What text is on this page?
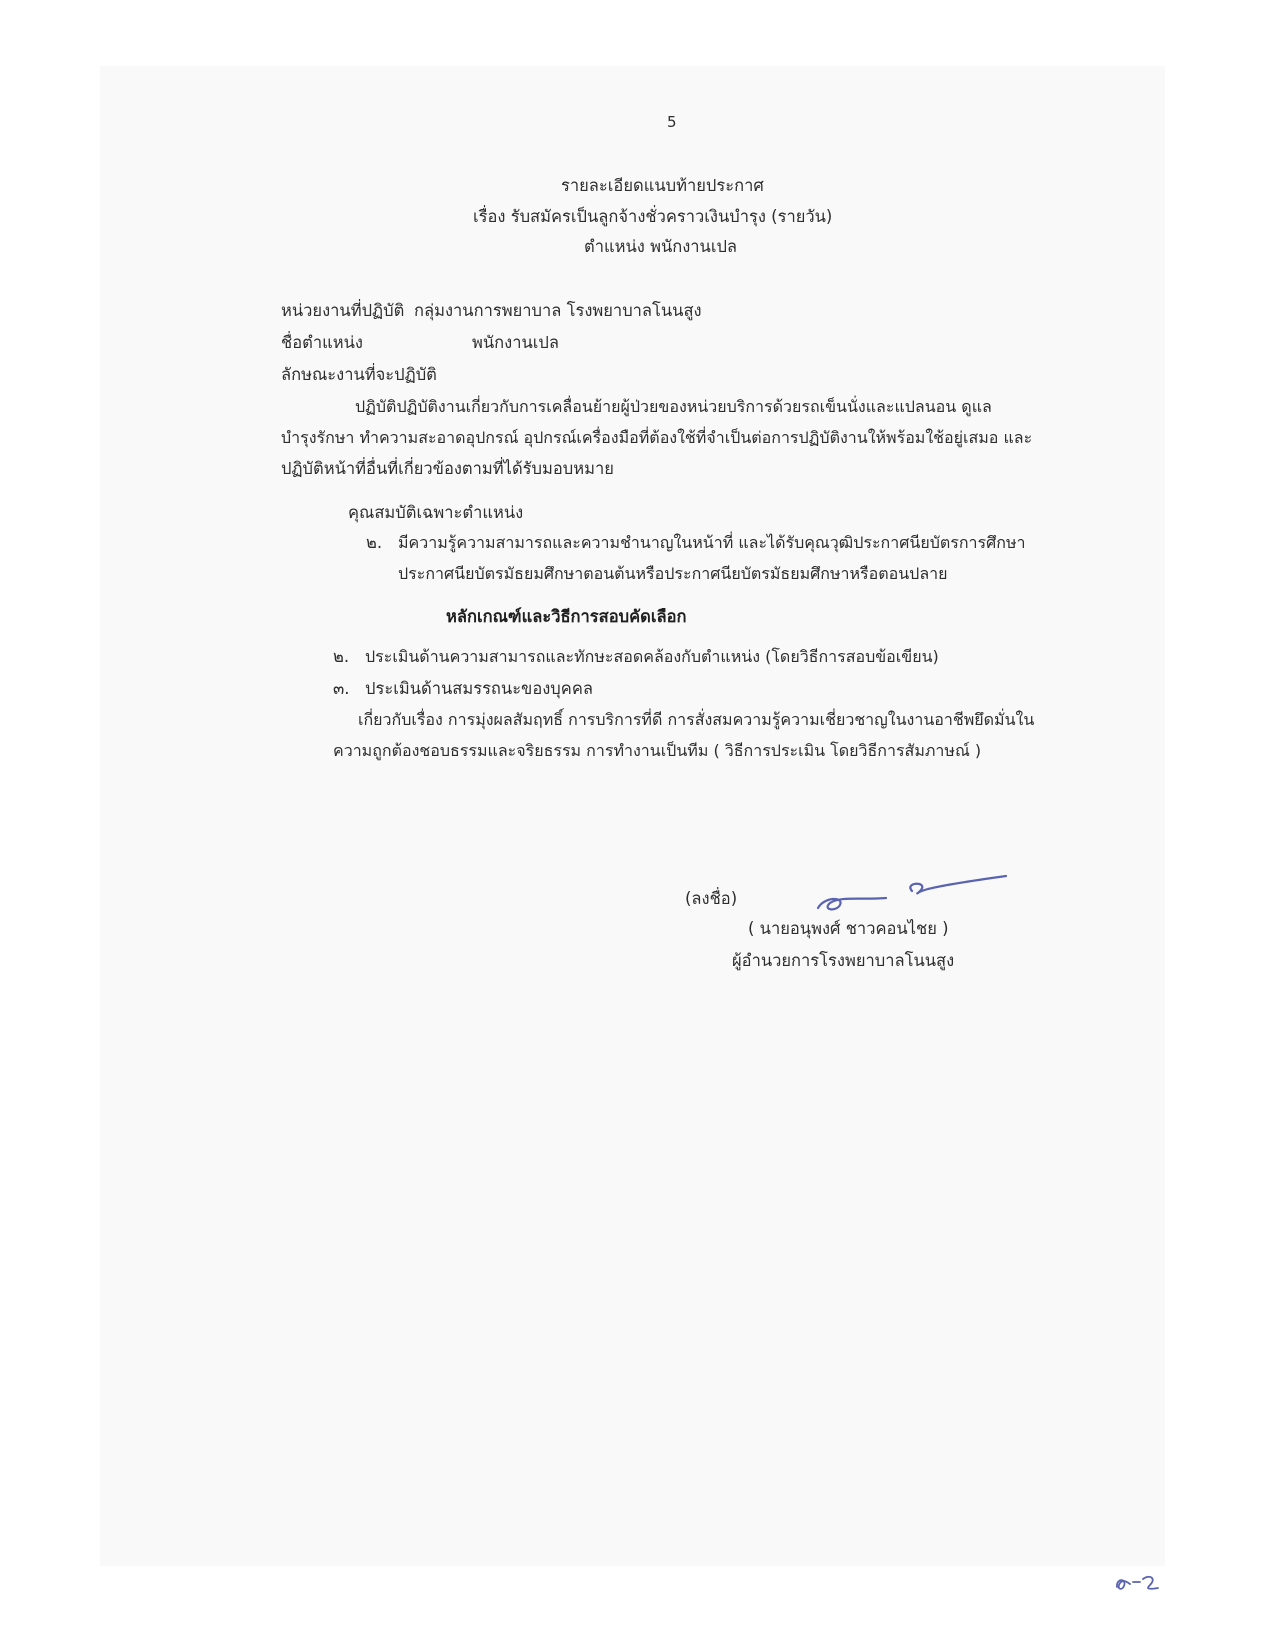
5
รายละเอียดแนบท้ายประกาศ
เรื่อง รับสมัครเป็นลูกจ้างชั่วคราวเงินบำรุง (รายวัน)
ตำแหน่ง พนักงานเปล
หน่วยงานที่ปฏิบัติ กลุ่มงานการพยาบาล โรงพยาบาลโนนสูง
ชื่อตำแหน่ง	พนักงานเปล
ลักษณะงานที่จะปฏิบัติ
ปฏิบัติปฏิบัติงานเกี่ยวกับการเคลื่อนย้ายผู้ป่วยของหน่วยบริการด้วยรถเข็นนั่งและแปลนอน ดูแล
บำรุงรักษา ทำความสะอาดอุปกรณ์ อุปกรณ์เครื่องมือที่ต้องใช้ที่จำเป็นต่อการปฏิบัติงานให้พร้อมใช้อยู่เสมอ และ
ปฏิบัติหน้าที่อื่นที่เกี่ยวข้องตามที่ได้รับมอบหมาย
คุณสมบัติเฉพาะตำแหน่ง
๒. มีความรู้ความสามารถและความชำนาญในหน้าที่ และได้รับคุณวุฒิประกาศนียบัตรการศึกษา
ประกาศนียบัตรมัธยมศึกษาตอนต้นหรือประกาศนียบัตรมัธยมศึกษาหรือตอนปลาย
หลักเกณฑ์และวิธีการสอบคัดเลือก
๒. ประเมินด้านความสามารถและทักษะสอดคล้องกับตำแหน่ง (โดยวิธีการสอบข้อเขียน)
๓. ประเมินด้านสมรรถนะของบุคคล
เกี่ยวกับเรื่อง การมุ่งผลสัมฤทธิ์ การบริการที่ดี การสั่งสมความรู้ความเชี่ยวชาญในงานอาชีพยึดมั่นใน
ความถูกต้องชอบธรรมและจริยธรรม การทำงานเป็นทีม ( วิธีการประเมิน โดยวิธีการสัมภาษณ์ )
(ลงชื่อ)
( นายอนุพงศ์ ชาวคอนไชย )
ผู้อำนวยการโรงพยาบาลโนนสูง
